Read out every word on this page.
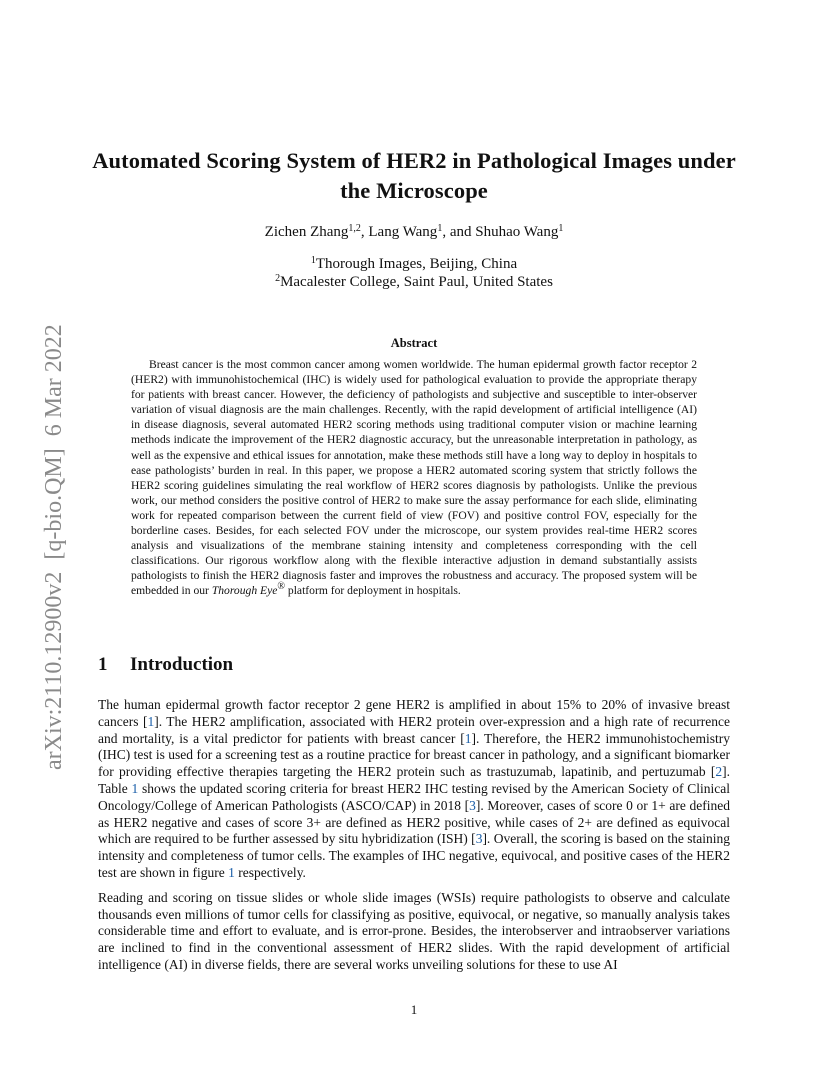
arXiv:2110.12900v2  [q-bio.QM]  6 Mar 2022
Automated Scoring System of HER2 in Pathological Images under the Microscope
Zichen Zhang$^{1,2}$, Lang Wang$^1$, and Shuhao Wang$^1$
$^1$Thorough Images, Beijing, China
$^2$Macalester College, Saint Paul, United States
Abstract

Breast cancer is the most common cancer among women worldwide. The human epidermal growth factor receptor 2 (HER2) with immunohistochemical (IHC) is widely used for pathological evaluation to provide the appropriate therapy for patients with breast cancer. However, the deficiency of pathologists and subjective and susceptible to inter-observer variation of visual diagnosis are the main challenges. Recently, with the rapid development of artificial intelligence (AI) in disease diagnosis, several automated HER2 scoring methods using traditional computer vision or machine learning methods indicate the improvement of the HER2 diagnostic accuracy, but the unreasonable interpretation in pathology, as well as the expensive and ethical issues for annotation, make these methods still have a long way to deploy in hospitals to ease pathologists’ burden in real. In this paper, we propose a HER2 automated scoring system that strictly follows the HER2 scoring guidelines simulating the real workflow of HER2 scores diagnosis by pathologists. Unlike the previous work, our method considers the positive control of HER2 to make sure the assay performance for each slide, eliminating work for repeated comparison between the current field of view (FOV) and positive control FOV, especially for the borderline cases. Besides, for each selected FOV under the microscope, our system provides real-time HER2 scores analysis and visualizations of the membrane staining intensity and completeness corresponding with the cell classifications. Our rigorous workflow along with the flexible interactive adjustion in demand substantially assists pathologists to finish the HER2 diagnosis faster and improves the robustness and accuracy. The proposed system will be embedded in our Thorough Eye® platform for deployment in hospitals.

1 Introduction

The human epidermal growth factor receptor 2 gene HER2 is amplified in about 15% to 20% of invasive breast cancers [1]. The HER2 amplification, associated with HER2 protein over-expression and a high rate of recurrence and mortality, is a vital predictor for patients with breast cancer [1]. Therefore, the HER2 immunohistochemistry (IHC) test is used for a screening test as a routine practice for breast cancer in pathology, and a significant biomarker for providing effective therapies targeting the HER2 protein such as trastuzumab, lapatinib, and pertuzumab [2]. Table 1 shows the updated scoring criteria for breast HER2 IHC testing revised by the American Society of Clinical Oncology/College of American Pathologists (ASCO/CAP) in 2018 [3]. Moreover, cases of score 0 or 1+ are defined as HER2 negative and cases of score 3+ are defined as HER2 positive, while cases of 2+ are defined as equivocal which are required to be further assessed by situ hybridization (ISH) [3]. Overall, the scoring is based on the staining intensity and completeness of tumor cells. The examples of IHC negative, equivocal, and positive cases of the HER2 test are shown in figure 1 respectively.

Reading and scoring on tissue slides or whole slide images (WSIs) require pathologists to observe and calculate thousands even millions of tumor cells for classifying as positive, equivocal, or negative, so manually analysis takes considerable time and effort to evaluate, and is error-prone. Besides, the interobserver and intraobserver variations are inclined to find in the conventional assessment of HER2 slides. With the rapid development of artificial intelligence (AI) in diverse fields, there are several works unveiling solutions for these to use AI

1
